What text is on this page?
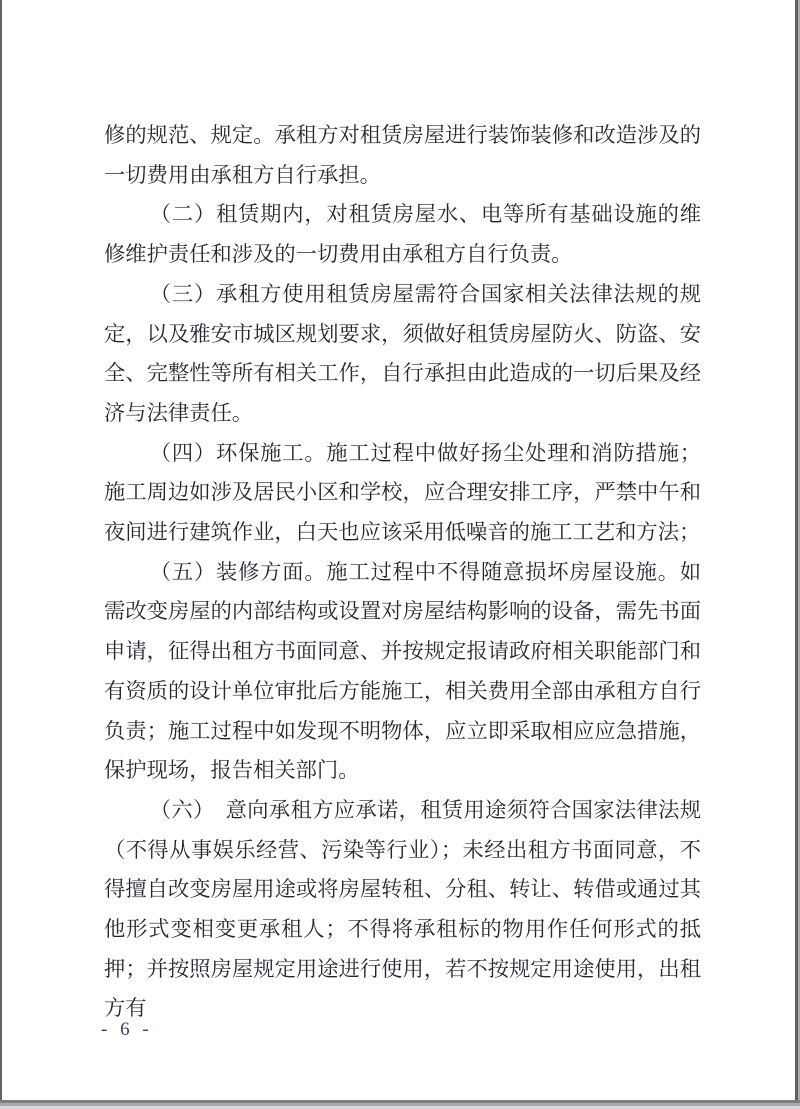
修的规范、规定。承租方对租赁房屋进行装饰装修和改造涉及的一切费用由承租方自行承担。

（二）租赁期内，对租赁房屋水、电等所有基础设施的维修维护责任和涉及的一切费用由承租方自行负责。

（三）承租方使用租赁房屋需符合国家相关法律法规的规定，以及雅安市城区规划要求，须做好租赁房屋防火、防盗、安全、完整性等所有相关工作，自行承担由此造成的一切后果及经济与法律责任。

（四）环保施工。施工过程中做好扬尘处理和消防措施；施工周边如涉及居民小区和学校，应合理安排工序，严禁中午和夜间进行建筑作业，白天也应该采用低噪音的施工工艺和方法；

（五）装修方面。施工过程中不得随意损坏房屋设施。如需改变房屋的内部结构或设置对房屋结构影响的设备，需先书面申请，征得出租方书面同意、并按规定报请政府相关职能部门和有资质的设计单位审批后方能施工，相关费用全部由承租方自行负责；施工过程中如发现不明物体，应立即采取相应应急措施，保护现场，报告相关部门。

（六）　意向承租方应承诺，租赁用途须符合国家法律法规（不得从事娱乐经营、污染等行业）；未经出租方书面同意，不得擅自改变房屋用途或将房屋转租、分租、转让、转借或通过其他形式变相变更承租人；不得将承租标的物用作任何形式的抵押；并按照房屋规定用途进行使用，若不按规定用途使用，出租方有

- 6 -
